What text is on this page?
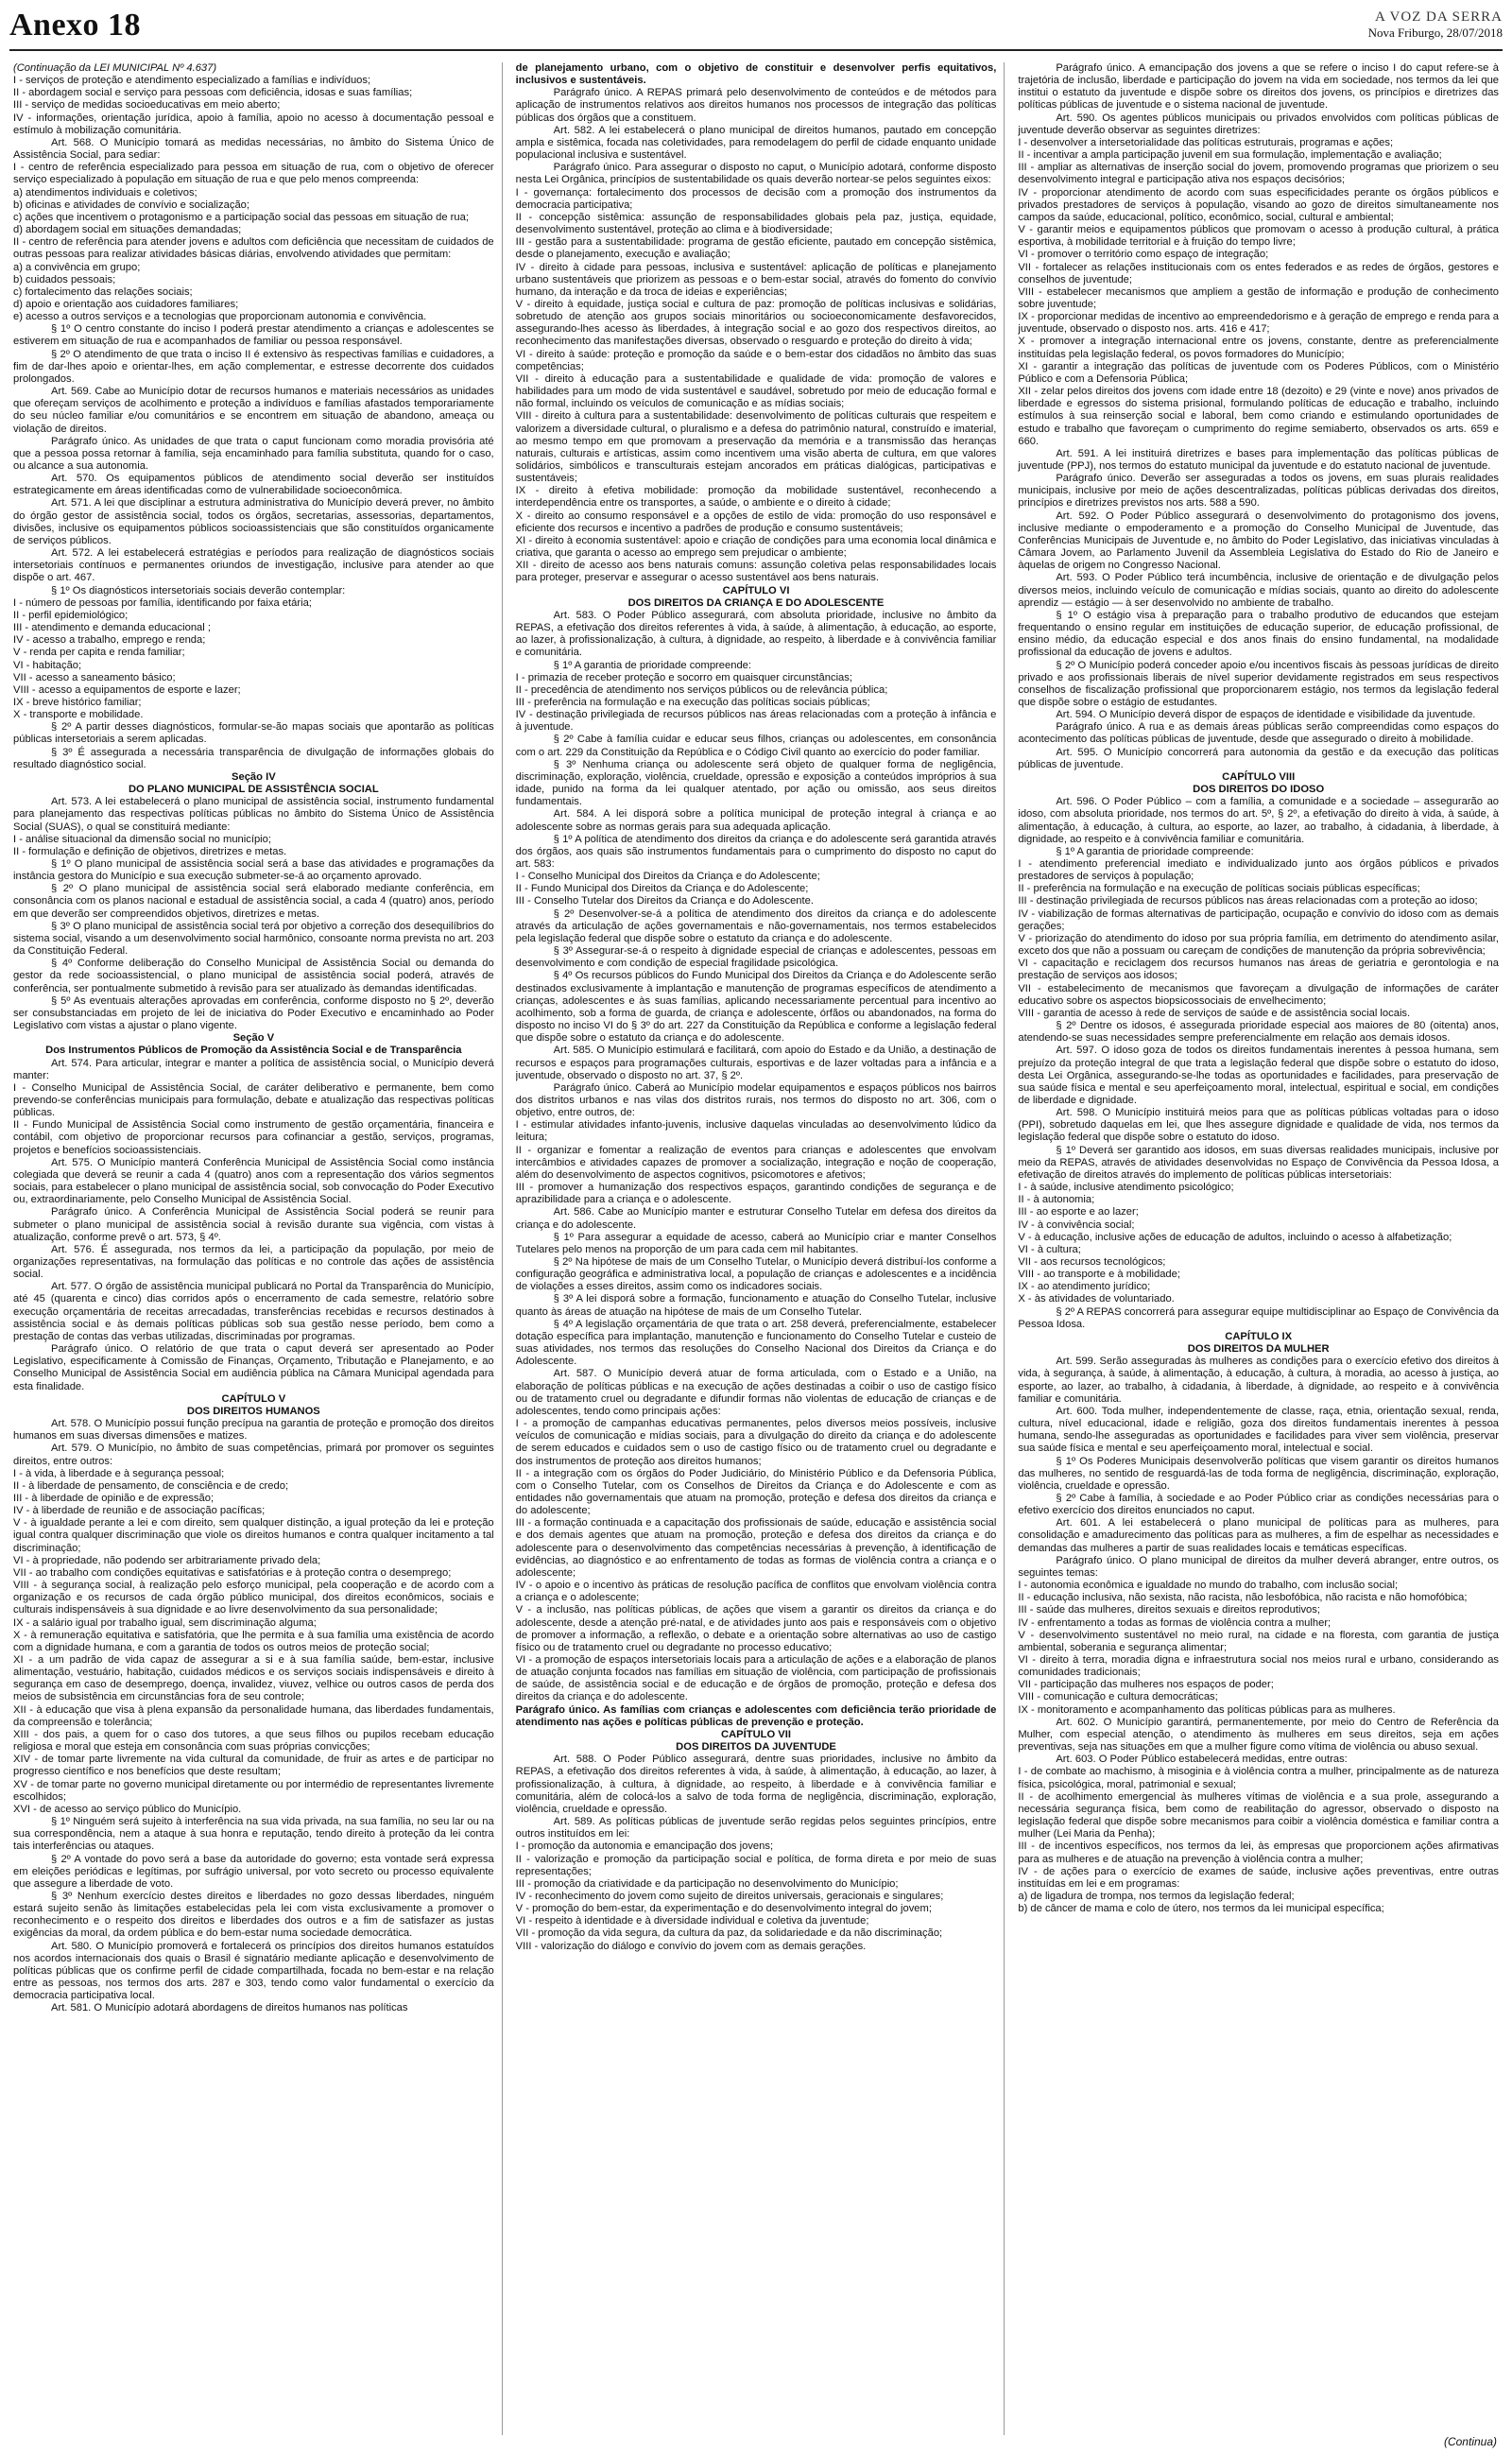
Anexo 18	A VOZ DA SERRA
Nova Friburgo, 28/07/2018

(Continuação da LEI MUNICIPAL Nº 4.637)

I - serviços de proteção e atendimento especializado a famílias e indivíduos;

II - abordagem social e serviço para pessoas com deficiência, idosas e suas famílias;

III - serviço de medidas socioeducativas em meio aberto;

IV - informações, orientação jurídica, apoio à família, apoio no acesso à documentação pessoal e estímulo à mobilização comunitária.

Art. 568. O Município tomará as medidas necessárias, no âmbito do Sistema Único de Assistência Social, para sediar:

I - centro de referência especializado para pessoa em situação de rua, com o objetivo de oferecer serviço especializado à população em situação de rua e que pelo menos compreenda:

a) atendimentos individuais e coletivos;

b) oficinas e atividades de convívio e socialização;

c) ações que incentivem o protagonismo e a participação social das pessoas em situação de rua;

d) abordagem social em situações demandadas;

II - centro de referência para atender jovens e adultos com deficiência que necessitam de cuidados de outras pessoas para realizar atividades básicas diárias, envolvendo atividades que permitam:

a) a convivência em grupo;

b) cuidados pessoais;

c) fortalecimento das relações sociais;

d) apoio e orientação aos cuidadores familiares;

e) acesso a outros serviços e a tecnologias que proporcionam autonomia e convivência.

§ 1º O centro constante do inciso I poderá prestar atendimento a crianças e adolescentes se estiverem em situação de rua e acompanhados de familiar ou pessoa responsável.

§ 2º O atendimento de que trata o inciso II é extensivo às respectivas famílias e cuidadores, a fim de dar-lhes apoio e orientar-lhes, em ação complementar, e estresse decorrente dos cuidados prolongados.

Art. 569. Cabe ao Município dotar de recursos humanos e materiais necessários as unidades que ofereçam serviços de acolhimento e proteção a indivíduos e famílias afastados temporariamente do seu núcleo familiar e/ou comunitários e se encontrem em situação de abandono, ameaça ou violação de direitos.

Parágrafo único. As unidades de que trata o caput funcionam como moradia provisória até que a pessoa possa retornar à família, seja encaminhado para família substituta, quando for o caso, ou alcance a sua autonomia.

Art. 570. Os equipamentos públicos de atendimento social deverão ser instituídos estrategicamente em áreas identificadas como de vulnerabilidade socioeconômica.

Art. 571. A lei que disciplinar a estrutura administrativa do Município deverá prever, no âmbito do órgão gestor de assistência social, todos os órgãos, secretarias, assessorias, departamentos, divisões, inclusive os equipamentos públicos socioassistenciais que são constituídos organicamente de serviços públicos.

Art. 572. A lei estabelecerá estratégias e períodos para realização de diagnósticos sociais intersetoriais contínuos e permanentes oriundos de investigação, inclusive para atender ao que dispõe o art. 467.

§ 1º Os diagnósticos intersetoriais sociais deverão contemplar:

I - número de pessoas por família, identificando por faixa etária;

II - perfil epidemiológico;

III - atendimento e demanda educacional ;

IV - acesso a trabalho, emprego e renda;

V - renda per capita e renda familiar;

VI - habitação;

VII - acesso a saneamento básico;

VIII - acesso a equipamentos de esporte e lazer;

IX - breve histórico familiar;

X - transporte e mobilidade.

§ 2º A partir desses diagnósticos, formular-se-ão mapas sociais que apontarão as políticas públicas intersetoriais a serem aplicadas.

§ 3º É assegurada a necessária transparência de divulgação de informações globais do resultado diagnóstico social.

Seção IV

DO PLANO MUNICIPAL DE ASSISTÊNCIA SOCIAL

Art. 573. A lei estabelecerá o plano municipal de assistência social, instrumento fundamental para planejamento das respectivas políticas públicas no âmbito do Sistema Único de Assistência Social (SUAS), o qual se constituirá mediante:

I - análise situacional da dimensão social no município;

II - formulação e definição de objetivos, diretrizes e metas.

§ 1º O plano municipal de assistência social será a base das atividades e programações da instância gestora do Município e sua execução submeter-se-á ao orçamento aprovado.

§ 2º O plano municipal de assistência social será elaborado mediante conferência, em consonância com os planos nacional e estadual de assistência social, a cada 4 (quatro) anos, período em que deverão ser compreendidos objetivos, diretrizes e metas.

§ 3º O plano municipal de assistência social terá por objetivo a correção dos desequilíbrios do sistema social, visando a um desenvolvimento social harmônico, consoante norma prevista no art. 203 da Constituição Federal.

§ 4º Conforme deliberação do Conselho Municipal de Assistência Social ou demanda do gestor da rede socioassistencial, o plano municipal de assistência social poderá, através de conferência, ser pontualmente submetido à revisão para ser atualizado às demandas identificadas.

§ 5º As eventuais alterações aprovadas em conferência, conforme disposto no § 2º, deverão ser consubstanciadas em projeto de lei de iniciativa do Poder Executivo e encaminhado ao Poder Legislativo com vistas a ajustar o plano vigente.

Seção V

Dos Instrumentos Públicos de Promoção da Assistência Social e de Transparência

Art. 574. Para articular, integrar e manter a política de assistência social, o Município deverá manter:

I - Conselho Municipal de Assistência Social, de caráter deliberativo e permanente, bem como prevendo-se conferências municipais para formulação, debate e atualização das respectivas políticas públicas.

II - Fundo Municipal de Assistência Social como instrumento de gestão orçamentária, financeira e contábil, com objetivo de proporcionar recursos para cofinanciar a gestão, serviços, programas, projetos e benefícios socioassistenciais.

Art. 575. O Município manterá Conferência Municipal de Assistência Social como instância colegiada que deverá se reunir a cada 4 (quatro) anos com a representação dos vários segmentos sociais, para estabelecer o plano municipal de assistência social, sob convocação do Poder Executivo ou, extraordinariamente, pelo Conselho Municipal de Assistência Social.

Parágrafo único. A Conferência Municipal de Assistência Social poderá se reunir para submeter o plano municipal de assistência social à revisão durante sua vigência, com vistas à atualização, conforme prevê o art. 573, § 4º.

Art. 576. É assegurada, nos termos da lei, a participação da população, por meio de organizações representativas, na formulação das políticas e no controle das ações de assistência social.

Art. 577. O órgão de assistência municipal publicará no Portal da Transparência do Município, até 45 (quarenta e cinco) dias corridos após o encerramento de cada semestre, relatório sobre execução orçamentária de receitas arrecadadas, transferências recebidas e recursos destinados à assistência social e às demais políticas públicas sob sua gestão nesse período, bem como a prestação de contas das verbas utilizadas, discriminadas por programas.

Parágrafo único. O relatório de que trata o caput deverá ser apresentado ao Poder Legislativo, especificamente à Comissão de Finanças, Orçamento, Tributação e Planejamento, e ao Conselho Municipal de Assistência Social em audiência pública na Câmara Municipal agendada para esta finalidade.

CAPÍTULO V

DOS DIREITOS HUMANOS

Art. 578. O Município possui função precípua na garantia de proteção e promoção dos direitos humanos em suas diversas dimensões e matizes.

Art. 579. O Município, no âmbito de suas competências, primará por promover os seguintes direitos, entre outros:

I - à vida, à liberdade e à segurança pessoal;

II - à liberdade de pensamento, de consciência e de credo;

III - à liberdade de opinião e de expressão;

IV - à liberdade de reunião e de associação pacíficas;

V - à igualdade perante a lei e com direito, sem qualquer distinção, a igual proteção da lei e proteção igual contra qualquer discriminação que viole os direitos humanos e contra qualquer incitamento a tal discriminação;

VI - à propriedade, não podendo ser arbitrariamente privado dela;

VII - ao trabalho com condições equitativas e satisfatórias e à proteção contra o desemprego;

VIII - à segurança social, à realização pelo esforço municipal, pela cooperação e de acordo com a organização e os recursos de cada órgão público municipal, dos direitos econômicos, sociais e culturais indispensáveis à sua dignidade e ao livre desenvolvimento da sua personalidade;

IX - a salário igual por trabalho igual, sem discriminação alguma;

X - à remuneração equitativa e satisfatória, que lhe permita e à sua família uma existência de acordo com a dignidade humana, e com a garantia de todos os outros meios de proteção social;

XI - a um padrão de vida capaz de assegurar a si e à sua família saúde, bem-estar, inclusive alimentação, vestuário, habitação, cuidados médicos e os serviços sociais indispensáveis e direito à segurança em caso de desemprego, doença, invalidez, viuvez, velhice ou outros casos de perda dos meios de subsistência em circunstâncias fora de seu controle;

XII - à educação que visa à plena expansão da personalidade humana, das liberdades fundamentais, da compreensão e tolerância;

XIII - dos pais, a quem for o caso dos tutores, a que seus filhos ou pupilos recebam educação religiosa e moral que esteja em consonância com suas próprias convicções;

XIV - de tomar parte livremente na vida cultural da comunidade, de fruir as artes e de participar no progresso científico e nos benefícios que deste resultam;

XV - de tomar parte no governo municipal diretamente ou por intermédio de representantes livremente escolhidos;

XVI - de acesso ao serviço público do Município.

§ 1º Ninguém será sujeito à interferência na sua vida privada, na sua família, no seu lar ou na sua correspondência, nem a ataque à sua honra e reputação, tendo direito à proteção da lei contra tais interferências ou ataques.

§ 2º A vontade do povo será a base da autoridade do governo; esta vontade será expressa em eleições periódicas e legítimas, por sufrágio universal, por voto secreto ou processo equivalente que assegure a liberdade de voto.

§ 3º Nenhum exercício destes direitos e liberdades no gozo dessas liberdades, ninguém estará sujeito senão às limitações estabelecidas pela lei com vista exclusivamente a promover o reconhecimento e o respeito dos direitos e liberdades dos outros e a fim de satisfazer as justas exigências da moral, da ordem pública e do bem-estar numa sociedade democrática.

Art. 580. O Município promoverá e fortalecerá os princípios dos direitos humanos estatuídos nos acordos internacionais dos quais o Brasil é signatário mediante aplicação e desenvolvimento de políticas públicas que os confirme perfil de cidade compartilhada, focada no bem-estar e na relação entre as pessoas, nos termos dos arts. 287 e 303, tendo como valor fundamental o exercício da democracia participativa local.

Art. 581. O Município adotará abordagens de direitos humanos nas políticas

de planejamento urbano, com o objetivo de constituir e desenvolver perfis equitativos, inclusivos e sustentáveis.

Parágrafo único. A REPAS primará pelo desenvolvimento de conteúdos e de métodos para aplicação de instrumentos relativos aos direitos humanos nos processos de integração das políticas públicas dos órgãos que a constituem.

Art. 582. A lei estabelecerá o plano municipal de direitos humanos, pautado em concepção ampla e sistêmica, focada nas coletividades, para remodelagem do perfil de cidade enquanto unidade populacional inclusiva e sustentável.

Parágrafo único. Para assegurar o disposto no caput, o Município adotará, conforme disposto nesta Lei Orgânica, princípios de sustentabilidade os quais deverão nortear-se pelos seguintes eixos:

I - governança: fortalecimento dos processos de decisão com a promoção dos instrumentos da democracia participativa;

II - concepção sistêmica: assunção de responsabilidades globais pela paz, justiça, equidade, desenvolvimento sustentável, proteção ao clima e à biodiversidade;

III - gestão para a sustentabilidade: programa de gestão eficiente, pautado em concepção sistêmica, desde o planejamento, execução e avaliação;

IV - direito à cidade para pessoas, inclusiva e sustentável: aplicação de políticas e planejamento urbano sustentáveis que priorizem as pessoas e o bem-estar social, através do fomento do convívio humano, da interação e da troca de ideias e experiências;

V - direito à equidade, justiça social e cultura de paz: promoção de políticas inclusivas e solidárias, sobretudo de atenção aos grupos sociais minoritários ou socioeconomicamente desfavorecidos, assegurando-lhes acesso às liberdades, à integração social e ao gozo dos respectivos direitos, ao reconhecimento das manifestações diversas, observado o resguardo e proteção do direito à vida;

VI - direito à saúde: proteção e promoção da saúde e o bem-estar dos cidadãos no âmbito das suas competências;

VII - direito à educação para a sustentabilidade e qualidade de vida: promoção de valores e habilidades para um modo de vida sustentável e saudável, sobretudo por meio de educação formal e não formal, incluindo os veículos de comunicação e as mídias sociais;

VIII - direito à cultura para a sustentabilidade: desenvolvimento de políticas culturais que respeitem e valorizem a diversidade cultural, o pluralismo e a defesa do patrimônio natural, construído e imaterial, ao mesmo tempo em que promovam a preservação da memória e a transmissão das heranças naturais, culturais e artísticas, assim como incentivem uma visão aberta de cultura, em que valores solidários, simbólicos e transculturais estejam ancorados em práticas dialógicas, participativas e sustentáveis;

IX - direito à efetiva mobilidade: promoção da mobilidade sustentável, reconhecendo a interdependência entre os transportes, a saúde, o ambiente e o direito à cidade;

X - direito ao consumo responsável e a opções de estilo de vida: promoção do uso responsável e eficiente dos recursos e incentivo a padrões de produção e consumo sustentáveis;

XI - direito à economia sustentável: apoio e criação de condições para uma economia local dinâmica e criativa, que garanta o acesso ao emprego sem prejudicar o ambiente;

XII - direito de acesso aos bens naturais comuns: assunção coletiva pelas responsabilidades locais para proteger, preservar e assegurar o acesso sustentável aos bens naturais.

CAPÍTULO VI

DOS DIREITOS DA CRIANÇA E DO ADOLESCENTE

Art. 583. O Poder Público assegurará, com absoluta prioridade, inclusive no âmbito da REPAS, a efetivação dos direitos referentes à vida, à saúde, à alimentação, à educação, ao esporte, ao lazer, à profissionalização, à cultura, à dignidade, ao respeito, à liberdade e à convivência familiar e comunitária.

§ 1º A garantia de prioridade compreende:

I - primazia de receber proteção e socorro em quaisquer circunstâncias;

II - precedência de atendimento nos serviços públicos ou de relevância pública;

III - preferência na formulação e na execução das políticas sociais públicas;

IV - destinação privilegiada de recursos públicos nas áreas relacionadas com a proteção à infância e à juventude.

§ 2º Cabe à família cuidar e educar seus filhos, crianças ou adolescentes, em consonância com o art. 229 da Constituição da República e o Código Civil quanto ao exercício do poder familiar.

§ 3º Nenhuma criança ou adolescente será objeto de qualquer forma de negligência, discriminação, exploração, violência, crueldade, opressão e exposição a conteúdos impróprios à sua idade, punido na forma da lei qualquer atentado, por ação ou omissão, aos seus direitos fundamentais.

Art. 584. A lei disporá sobre a política municipal de proteção integral à criança e ao adolescente sobre as normas gerais para sua adequada aplicação.

§ 1º A política de atendimento dos direitos da criança e do adolescente será garantida através dos órgãos, aos quais são instrumentos fundamentais para o cumprimento do disposto no caput do art. 583:

I - Conselho Municipal dos Direitos da Criança e do Adolescente;

II - Fundo Municipal dos Direitos da Criança e do Adolescente;

III - Conselho Tutelar dos Direitos da Criança e do Adolescente.

§ 2º Desenvolver-se-á a política de atendimento dos direitos da criança e do adolescente através da articulação de ações governamentais e não-governamentais, nos termos estabelecidos pela legislação federal que dispõe sobre o estatuto da criança e do adolescente.

§ 3º Assegurar-se-á o respeito à dignidade especial de crianças e adolescentes, pessoas em desenvolvimento e com condição de especial fragilidade psicológica.

§ 4º Os recursos públicos do Fundo Municipal dos Direitos da Criança e do Adolescente serão destinados exclusivamente à implantação e manutenção de programas específicos de atendimento a crianças, adolescentes e às suas famílias, aplicando necessariamente percentual para incentivo ao acolhimento, sob a forma de guarda, de criança e adolescente, órfãos ou abandonados, na forma do disposto no inciso VI do § 3º do art. 227 da Constituição da República e conforme a legislação federal que dispõe sobre o estatuto da criança e do adolescente.

Art. 585. O Município estimulará e facilitará, com apoio do Estado e da União, a destinação de recursos e espaços para programações culturais, esportivas e de lazer voltadas para a infância e a juventude, observado o disposto no art. 37, § 2º.

Parágrafo único. Caberá ao Município modelar equipamentos e espaços públicos nos bairros dos distritos urbanos e nas vilas dos distritos rurais, nos termos do disposto no art. 306, com o objetivo, entre outros, de:

I - estimular atividades infanto-juvenis, inclusive daquelas vinculadas ao desenvolvimento lúdico da leitura;

II - organizar e fomentar a realização de eventos para crianças e adolescentes que envolvam intercâmbios e atividades capazes de promover a socialização, integração e noção de cooperação, além do desenvolvimento de aspectos cognitivos, psicomotores e afetivos;

III - promover a humanização dos respectivos espaços, garantindo condições de segurança e de aprazibilidade para a criança e o adolescente.

Art. 586. Cabe ao Município manter e estruturar Conselho Tutelar em defesa dos direitos da criança e do adolescente.

§ 1º Para assegurar a equidade de acesso, caberá ao Município criar e manter Conselhos Tutelares pelo menos na proporção de um para cada cem mil habitantes.

§ 2º Na hipótese de mais de um Conselho Tutelar, o Município deverá distribuí-los conforme a configuração geográfica e administrativa local, a população de crianças e adolescentes e a incidência de violações a esses direitos, assim como os indicadores sociais.

§ 3º A lei disporá sobre a formação, funcionamento e atuação do Conselho Tutelar, inclusive quanto às áreas de atuação na hipótese de mais de um Conselho Tutelar.

§ 4º A legislação orçamentária de que trata o art. 258 deverá, preferencialmente, estabelecer dotação específica para implantação, manutenção e funcionamento do Conselho Tutelar e custeio de suas atividades, nos termos das resoluções do Conselho Nacional dos Direitos da Criança e do Adolescente.

Art. 587. O Município deverá atuar de forma articulada, com o Estado e a União, na elaboração de políticas públicas e na execução de ações destinadas a coibir o uso de castigo físico ou de tratamento cruel ou degradante e difundir formas não violentas de educação de crianças e de adolescentes, tendo como principais ações:

I - a promoção de campanhas educativas permanentes, pelos diversos meios possíveis, inclusive veículos de comunicação e mídias sociais, para a divulgação do direito da criança e do adolescente de serem educados e cuidados sem o uso de castigo físico ou de tratamento cruel ou degradante e dos instrumentos de proteção aos direitos humanos;

II - a integração com os órgãos do Poder Judiciário, do Ministério Público e da Defensoria Pública, com o Conselho Tutelar, com os Conselhos de Direitos da Criança e do Adolescente e com as entidades não governamentais que atuam na promoção, proteção e defesa dos direitos da criança e do adolescente;

III - a formação continuada e a capacitação dos profissionais de saúde, educação e assistência social e dos demais agentes que atuam na promoção, proteção e defesa dos direitos da criança e do adolescente para o desenvolvimento das competências necessárias à prevenção, à identificação de evidências, ao diagnóstico e ao enfrentamento de todas as formas de violência contra a criança e o adolescente;

IV - o apoio e o incentivo às práticas de resolução pacífica de conflitos que envolvam violência contra a criança e o adolescente;

V - a inclusão, nas políticas públicas, de ações que visem a garantir os direitos da criança e do adolescente, desde a atenção pré-natal, e de atividades junto aos pais e responsáveis com o objetivo de promover a informação, a reflexão, o debate e a orientação sobre alternativas ao uso de castigo físico ou de tratamento cruel ou degradante no processo educativo;

VI - a promoção de espaços intersetoriais locais para a articulação de ações e a elaboração de planos de atuação conjunta focados nas famílias em situação de violência, com participação de profissionais de saúde, de assistência social e de educação e de órgãos de promoção, proteção e defesa dos direitos da criança e do adolescente.

Parágrafo único. As famílias com crianças e adolescentes com deficiência terão prioridade de atendimento nas ações e políticas públicas de prevenção e proteção.

CAPÍTULO VII

DOS DIREITOS DA JUVENTUDE

Art. 588. O Poder Público assegurará, dentre suas prioridades, inclusive no âmbito da REPAS, a efetivação dos direitos referentes à vida, à saúde, à alimentação, à educação, ao lazer, à profissionalização, à cultura, à dignidade, ao respeito, à liberdade e à convivência familiar e comunitária, além de colocá-los a salvo de toda forma de negligência, discriminação, exploração, violência, crueldade e opressão.

Art. 589. As políticas públicas de juventude serão regidas pelos seguintes princípios, entre outros instituídos em lei:

I - promoção da autonomia e emancipação dos jovens;

II - valorização e promoção da participação social e política, de forma direta e por meio de suas representações;

III - promoção da criatividade e da participação no desenvolvimento do Município;

IV - reconhecimento do jovem como sujeito de direitos universais, geracionais e singulares;

V - promoção do bem-estar, da experimentação e do desenvolvimento integral do jovem;

VI - respeito à identidade e à diversidade individual e coletiva da juventude;

VII - promoção da vida segura, da cultura da paz, da solidariedade e da não discriminação;

VIII - valorização do diálogo e convívio do jovem com as demais gerações.

Parágrafo único. A emancipação dos jovens a que se refere o inciso I do caput refere-se à trajetória de inclusão, liberdade e participação do jovem na vida em sociedade, nos termos da lei que institui o estatuto da juventude e dispõe sobre os direitos dos jovens, os princípios e diretrizes das políticas públicas de juventude e o sistema nacional de juventude.

Art. 590. Os agentes públicos municipais ou privados envolvidos com políticas públicas de juventude deverão observar as seguintes diretrizes:

I - desenvolver a intersetorialidade das políticas estruturais, programas e ações;

II - incentivar a ampla participação juvenil em sua formulação, implementação e avaliação;

III - ampliar as alternativas de inserção social do jovem, promovendo programas que priorizem o seu desenvolvimento integral e participação ativa nos espaços decisórios;

IV - proporcionar atendimento de acordo com suas especificidades perante os órgãos públicos e privados prestadores de serviços à população, visando ao gozo de direitos simultaneamente nos campos da saúde, educacional, político, econômico, social, cultural e ambiental;

V - garantir meios e equipamentos públicos que promovam o acesso à produção cultural, à prática esportiva, à mobilidade territorial e à fruição do tempo livre;

VI - promover o território como espaço de integração;

VII - fortalecer as relações institucionais com os entes federados e as redes de órgãos, gestores e conselhos de juventude;

VIII - estabelecer mecanismos que ampliem a gestão de informação e produção de conhecimento sobre juventude;

IX - proporcionar medidas de incentivo ao empreendedorismo e à geração de emprego e renda para a juventude, observado o disposto nos. arts. 416 e 417;

X - promover a integração internacional entre os jovens, constante, dentre as preferencialmente instituídas pela legislação federal, os povos formadores do Município;

XI - garantir a integração das políticas de juventude com os Poderes Públicos, com o Ministério Público e com a Defensoria Pública;

XII - zelar pelos direitos dos jovens com idade entre 18 (dezoito) e 29 (vinte e nove) anos privados de liberdade e egressos do sistema prisional, formulando políticas de educação e trabalho, incluindo estímulos à sua reinserção social e laboral, bem como criando e estimulando oportunidades de estudo e trabalho que favoreçam o cumprimento do regime semiaberto, observados os arts. 659 e 660.

Art. 591. A lei instituirá diretrizes e bases para implementação das políticas públicas de juventude (PPJ), nos termos do estatuto municipal da juventude e do estatuto nacional de juventude.

Parágrafo único. Deverão ser asseguradas a todos os jovens, em suas plurais realidades municipais, inclusive por meio de ações descentralizadas, políticas públicas derivadas dos direitos, princípios e diretrizes previstos nos arts. 588 a 590.

Art. 592. O Poder Público assegurará o desenvolvimento do protagonismo dos jovens, inclusive mediante o empoderamento e a promoção do Conselho Municipal de Juventude, das Conferências Municipais de Juventude e, no âmbito do Poder Legislativo, das iniciativas vinculadas à Câmara Jovem, ao Parlamento Juvenil da Assembleia Legislativa do Estado do Rio de Janeiro e àquelas de origem no Congresso Nacional.

Art. 593. O Poder Público terá incumbência, inclusive de orientação e de divulgação pelos diversos meios, incluindo veículo de comunicação e mídias sociais, quanto ao direito do adolescente aprendiz — estágio — à ser desenvolvido no ambiente de trabalho.

§ 1º O estágio visa à preparação para o trabalho produtivo de educandos que estejam frequentando o ensino regular em instituições de educação superior, de educação profissional, de ensino médio, da educação especial e dos anos finais do ensino fundamental, na modalidade profissional da educação de jovens e adultos.

§ 2º O Município poderá conceder apoio e/ou incentivos fiscais às pessoas jurídicas de direito privado e aos profissionais liberais de nível superior devidamente registrados em seus respectivos conselhos de fiscalização profissional que proporcionarem estágio, nos termos da legislação federal que dispõe sobre o estágio de estudantes.

Art. 594. O Município deverá dispor de espaços de identidade e visibilidade da juventude.

Parágrafo único. A rua e as demais áreas públicas serão compreendidas como espaços do acontecimento das políticas públicas de juventude, desde que assegurado o direito à mobilidade.

Art. 595. O Município concorrerá para autonomia da gestão e da execução das políticas públicas de juventude.

CAPÍTULO VIII

DOS DIREITOS DO IDOSO

Art. 596. O Poder Público – com a família, a comunidade e a sociedade – assegurarão ao idoso, com absoluta prioridade, nos termos do art. 5º, § 2º, a efetivação do direito à vida, à saúde, à alimentação, à educação, à cultura, ao esporte, ao lazer, ao trabalho, à cidadania, à liberdade, à dignidade, ao respeito e à convivência familiar e comunitária.

§ 1º A garantia de prioridade compreende:

I - atendimento preferencial imediato e individualizado junto aos órgãos públicos e privados prestadores de serviços à população;

II - preferência na formulação e na execução de políticas sociais públicas específicas;

III - destinação privilegiada de recursos públicos nas áreas relacionadas com a proteção ao idoso;

IV - viabilização de formas alternativas de participação, ocupação e convívio do idoso com as demais gerações;

V - priorização do atendimento do idoso por sua própria família, em detrimento do atendimento asilar, exceto dos que não a possuam ou careçam de condições de manutenção da própria sobrevivência;

VI - capacitação e reciclagem dos recursos humanos nas áreas de geriatria e gerontologia e na prestação de serviços aos idosos;

VII - estabelecimento de mecanismos que favoreçam a divulgação de informações de caráter educativo sobre os aspectos biopsicossociais de envelhecimento;

VIII - garantia de acesso à rede de serviços de saúde e de assistência social locais.

§ 2º Dentre os idosos, é assegurada prioridade especial aos maiores de 80 (oitenta) anos, atendendo-se suas necessidades sempre preferencialmente em relação aos demais idosos.

Art. 597. O idoso goza de todos os direitos fundamentais inerentes à pessoa humana, sem prejuízo da proteção integral de que trata a legislação federal que dispõe sobre o estatuto do idoso, desta Lei Orgânica, assegurando-se-lhe todas as oportunidades e facilidades, para preservação de sua saúde física e mental e seu aperfeiçoamento moral, intelectual, espiritual e social, em condições de liberdade e dignidade.

Art. 598. O Município instituirá meios para que as políticas públicas voltadas para o idoso (PPI), sobretudo daquelas em lei, que lhes assegure dignidade e qualidade de vida, nos termos da legislação federal que dispõe sobre o estatuto do idoso.

§ 1º Deverá ser garantido aos idosos, em suas diversas realidades municipais, inclusive por meio da REPAS, através de atividades desenvolvidas no Espaço de Convivência da Pessoa Idosa, a efetivação de direitos através do implemento de políticas públicas intersetoriais:

I - à saúde, inclusive atendimento psicológico;

II - à autonomia;

III - ao esporte e ao lazer;

IV - à convivência social;

V - à educação, inclusive ações de educação de adultos, incluindo o acesso à alfabetização;

VI - à cultura;

VII - aos recursos tecnológicos;

VIII - ao transporte e à mobilidade;

IX - ao atendimento jurídico;

X - às atividades de voluntariado.

§ 2º A REPAS concorrerá para assegurar equipe multidisciplinar ao Espaço de Convivência da Pessoa Idosa.

CAPÍTULO IX

DOS DIREITOS DA MULHER

Art. 599. Serão asseguradas às mulheres as condições para o exercício efetivo dos direitos à vida, à segurança, à saúde, à alimentação, à educação, à cultura, à moradia, ao acesso à justiça, ao esporte, ao lazer, ao trabalho, à cidadania, à liberdade, à dignidade, ao respeito e à convivência familiar e comunitária.

Art. 600. Toda mulher, independentemente de classe, raça, etnia, orientação sexual, renda, cultura, nível educacional, idade e religião, goza dos direitos fundamentais inerentes à pessoa humana, sendo-lhe asseguradas as oportunidades e facilidades para viver sem violência, preservar sua saúde física e mental e seu aperfeiçoamento moral, intelectual e social.

§ 1º Os Poderes Municipais desenvolverão políticas que visem garantir os direitos humanos das mulheres, no sentido de resguardá-las de toda forma de negligência, discriminação, exploração, violência, crueldade e opressão.

§ 2º Cabe à família, à sociedade e ao Poder Público criar as condições necessárias para o efetivo exercício dos direitos enunciados no caput.

Art. 601. A lei estabelecerá o plano municipal de políticas para as mulheres, para consolidação e amadurecimento das políticas para as mulheres, a fim de espelhar as necessidades e demandas das mulheres a partir de suas realidades locais e temáticas específicas.

Parágrafo único. O plano municipal de direitos da mulher deverá abranger, entre outros, os seguintes temas:

I - autonomia econômica e igualdade no mundo do trabalho, com inclusão social;

II - educação inclusiva, não sexista, não racista, não lesbofóbica, não racista e não homofóbica;

III - saúde das mulheres, direitos sexuais e direitos reprodutivos;

IV - enfrentamento a todas as formas de violência contra a mulher;

V - desenvolvimento sustentável no meio rural, na cidade e na floresta, com garantia de justiça ambiental, soberania e segurança alimentar;

VI - direito à terra, moradia digna e infraestrutura social nos meios rural e urbano, considerando as comunidades tradicionais;

VII - participação das mulheres nos espaços de poder;

VIII - comunicação e cultura democráticas;

IX - monitoramento e acompanhamento das políticas públicas para as mulheres.

Art. 602. O Município garantirá, permanentemente, por meio do Centro de Referência da Mulher, com especial atenção, o atendimento às mulheres em seus direitos, seja em ações preventivas, seja nas situações em que a mulher figure como vítima de violência ou abuso sexual.

Art. 603. O Poder Público estabelecerá medidas, entre outras:

I - de combate ao machismo, à misoginia e à violência contra a mulher, principalmente as de natureza física, psicológica, moral, patrimonial e sexual;

II - de acolhimento emergencial às mulheres vítimas de violência e a sua prole, assegurando a necessária segurança física, bem como de reabilitação do agressor, observado o disposto na legislação federal que dispõe sobre mecanismos para coibir a violência doméstica e familiar contra a mulher (Lei Maria da Penha);

III - de incentivos específicos, nos termos da lei, às empresas que proporcionem ações afirmativas para as mulheres e de atuação na prevenção à violência contra a mulher;

IV - de ações para o exercício de exames de saúde, inclusive ações preventivas, entre outras instituídas em lei e em programas:

a) de ligadura de trompa, nos termos da legislação federal;

b) de câncer de mama e colo de útero, nos termos da lei municipal específica;

(Continua)
